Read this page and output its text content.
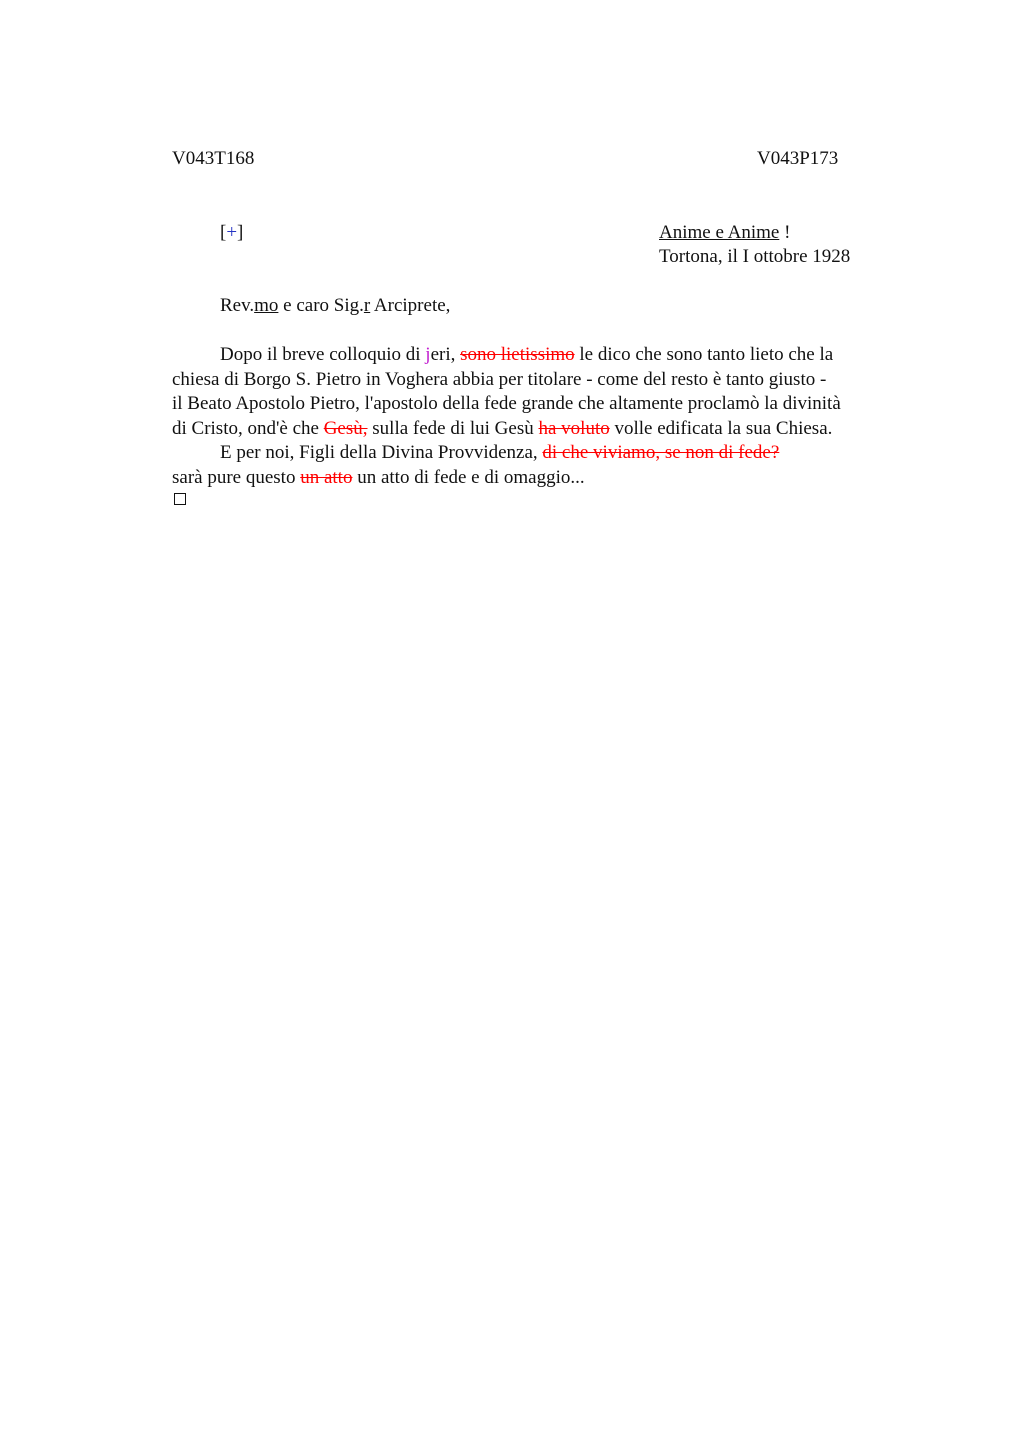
V043T168	V043P173
[+]	Anime e Anime !
Tortona, il I ottobre 1928
Rev.mo e caro Sig.r Arciprete,

Dopo il breve colloquio di jeri, sono lietissimo le dico che sono tanto lieto che la

chiesa di Borgo S. Pietro in Voghera abbia per titolare - come del resto è tanto giusto -

il Beato Apostolo Pietro, l'apostolo della fede grande che altamente proclamò la divinità

di Cristo, ond'è che Gesù, sulla fede di lui Gesù ha voluto volle edificata la sua Chiesa.

E per noi, Figli della Divina Provvidenza, di che viviamo, se non di fede?

sarà pure questo un atto un atto di fede e di omaggio...
